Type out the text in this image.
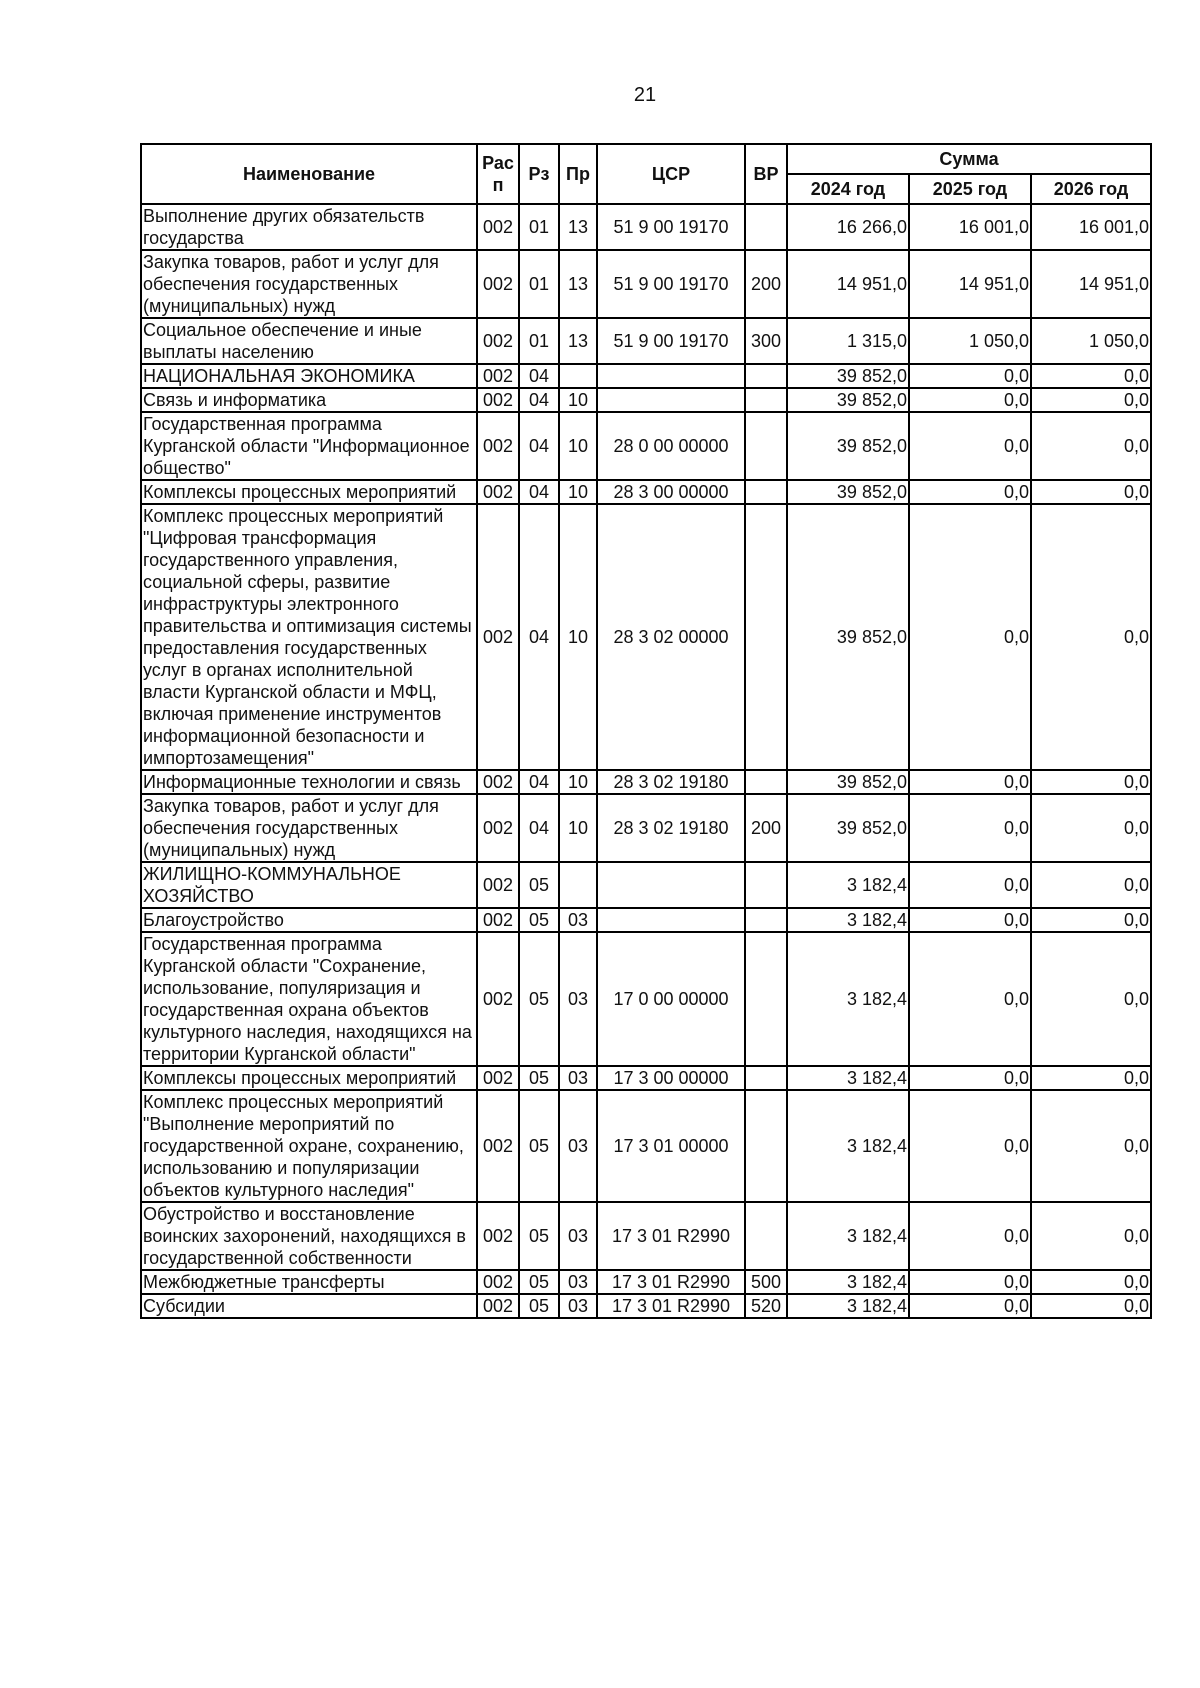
21
Наименование	Рас п	Рз	Пр	ЦСР	ВР	Сумма		
						2024 год	2025 год	2026 год
Выполнение других обязательств государства	002	01	13	51 9 00 19170		16 266,0	16 001,0	16 001,0
Закупка товаров, работ и услуг для обеспечения государственных (муниципальных) нужд	002	01	13	51 9 00 19170	200	14 951,0	14 951,0	14 951,0
Социальное обеспечение и иные выплаты населению	002	01	13	51 9 00 19170	300	1 315,0	1 050,0	1 050,0
НАЦИОНАЛЬНАЯ ЭКОНОМИКА	002	04				39 852,0	0,0	0,0
Связь и информатика	002	04	10			39 852,0	0,0	0,0
Государственная программа Курганской области "Информационное общество"	002	04	10	28 0 00 00000		39 852,0	0,0	0,0
Комплексы процессных мероприятий	002	04	10	28 3 00 00000		39 852,0	0,0	0,0
Комплекс процессных мероприятий "Цифровая трансформация государственного управления, социальной сферы, развитие инфраструктуры электронного правительства и оптимизация системы предоставления государственных услуг в органах исполнительной власти Курганской области и МФЦ, включая применение инструментов информационной безопасности и импортозамещения"	002	04	10	28 3 02 00000		39 852,0	0,0	0,0
Информационные технологии и связь	002	04	10	28 3 02 19180		39 852,0	0,0	0,0
Закупка товаров, работ и услуг для обеспечения государственных (муниципальных) нужд	002	04	10	28 3 02 19180	200	39 852,0	0,0	0,0
ЖИЛИЩНО-КОММУНАЛЬНОЕ ХОЗЯЙСТВО	002	05				3 182,4	0,0	0,0
Благоустройство	002	05	03			3 182,4	0,0	0,0
Государственная программа Курганской области "Сохранение, использование, популяризация и государственная охрана объектов культурного наследия, находящихся на территории Курганской области"	002	05	03	17 0 00 00000		3 182,4	0,0	0,0
Комплексы процессных мероприятий	002	05	03	17 3 00 00000		3 182,4	0,0	0,0
Комплекс процессных мероприятий "Выполнение мероприятий по государственной охране, сохранению, использованию и популяризации объектов культурного наследия"	002	05	03	17 3 01 00000		3 182,4	0,0	0,0
Обустройство и восстановление воинских захоронений, находящихся в государственной собственности	002	05	03	17 3 01 R2990		3 182,4	0,0	0,0
Межбюджетные трансферты	002	05	03	17 3 01 R2990	500	3 182,4	0,0	0,0
Субсидии	002	05	03	17 3 01 R2990	520	3 182,4	0,0	0,0
